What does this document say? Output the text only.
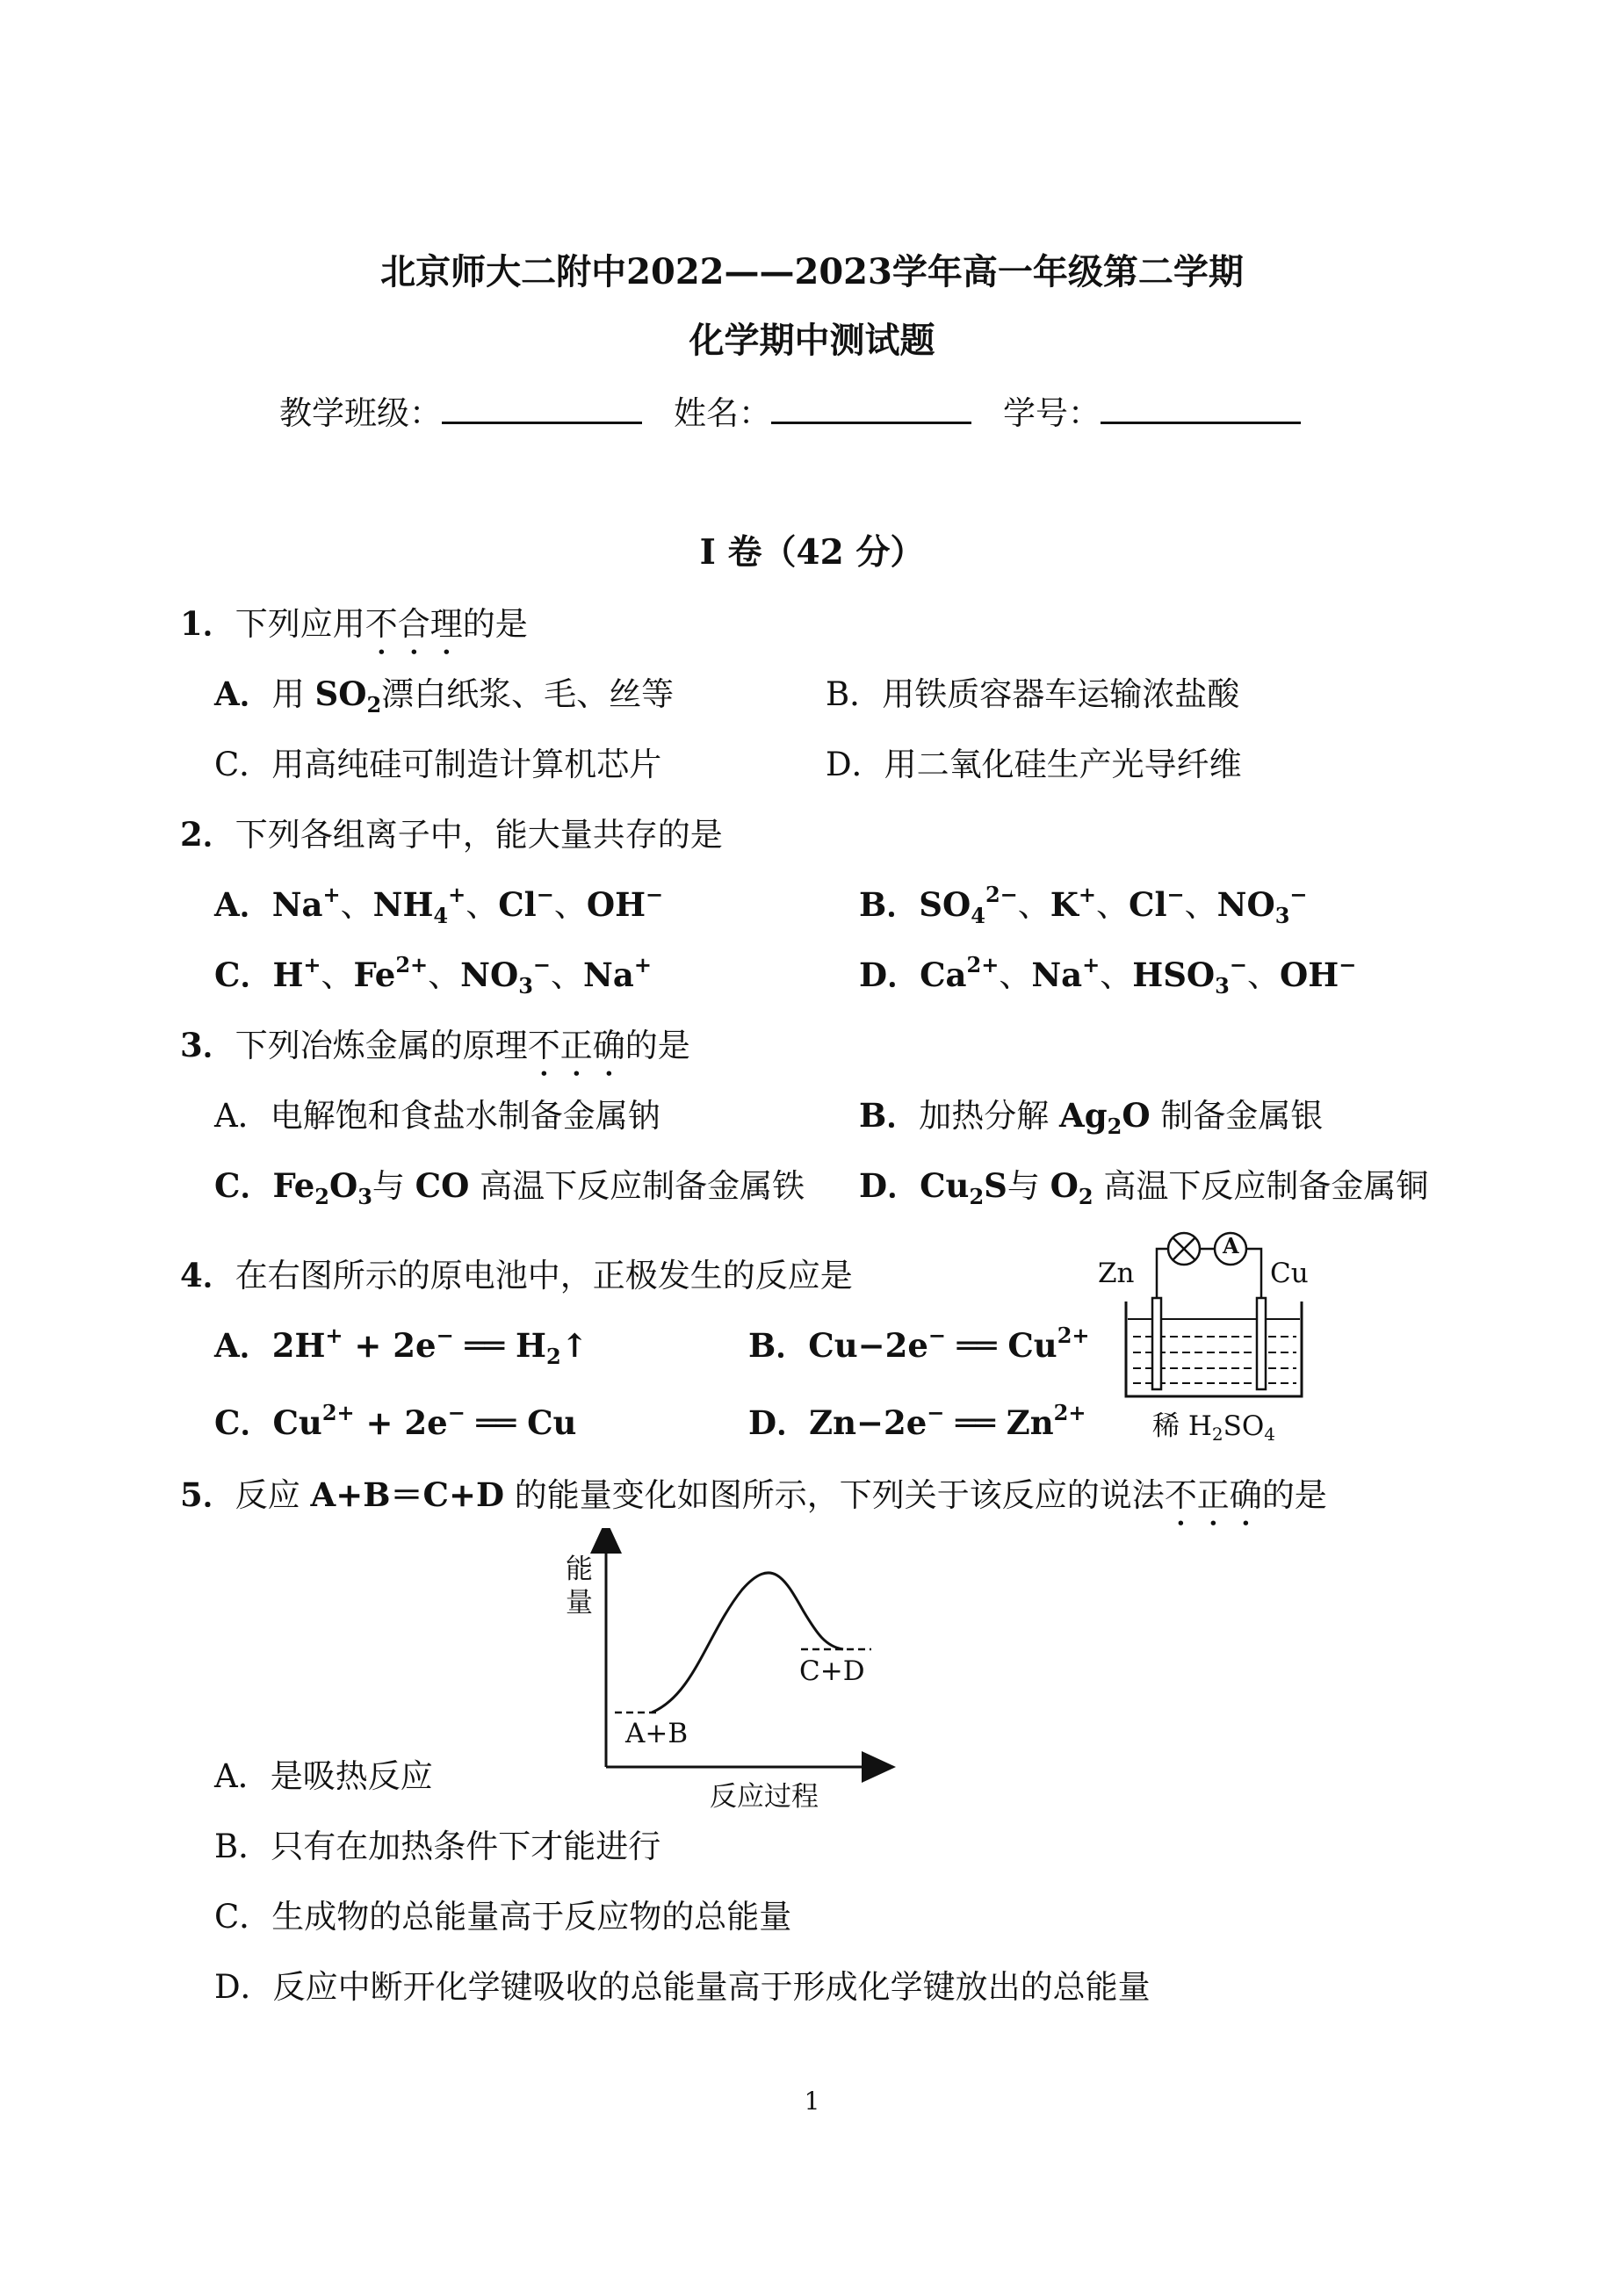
北京师大二附中2022——2023学年高一年级第二学期
化学期中测试题
教学班级：	姓名：	学号：
I 卷（42 分）
1．下列应用不合理的是
A．用 $SO_2$漂白纸浆、毛、丝等	B．用铁质容器车运输浓盐酸
C．用高纯硅可制造计算机芯片	D．用二氧化硅生产光导纤维
2．下列各组离子中，能大量共存的是
A．Na+、$NH_4^+$、Cl−、OH−	B．$SO_4^{2-}$、K+、Cl−、$NO_3^-$
C．H+、$Fe^{2+}$、$NO_3^-$、Na+	D．$Ca^{2+}$、Na+、$HSO_3^-$、OH−
3．下列冶炼金属的原理不正确的是
A．电解饱和食盐水制备金属钠	B．加热分解 $Ag_2O$ 制备金属银
C．$Fe_2O_3$与 CO 高温下反应制备金属铁 D．$Cu_2S$与 $O_2$ 高温下反应制备金属铜
4．在右图所示的原电池中，正极发生的反应是
A．2H+ + 2e− ══ $H_2↑$	B．Cu−2e− ══ $Cu^{2+}$
C．$Cu^{2+} + 2e^-$ ══ Cu	D．Zn−2e− ══ $Zn^{2+}$
Zn	Cu
A
稀 $H_2SO_4$
5．反应 A+B＝C+D 的能量变化如图所示，下列关于该反应的说法不正确的是
能
量
A+B
C+D
反应过程
A．是吸热反应
B．只有在加热条件下才能进行
C．生成物的总能量高于反应物的总能量
D．反应中断开化学键吸收的总能量高于形成化学键放出的总能量
1
